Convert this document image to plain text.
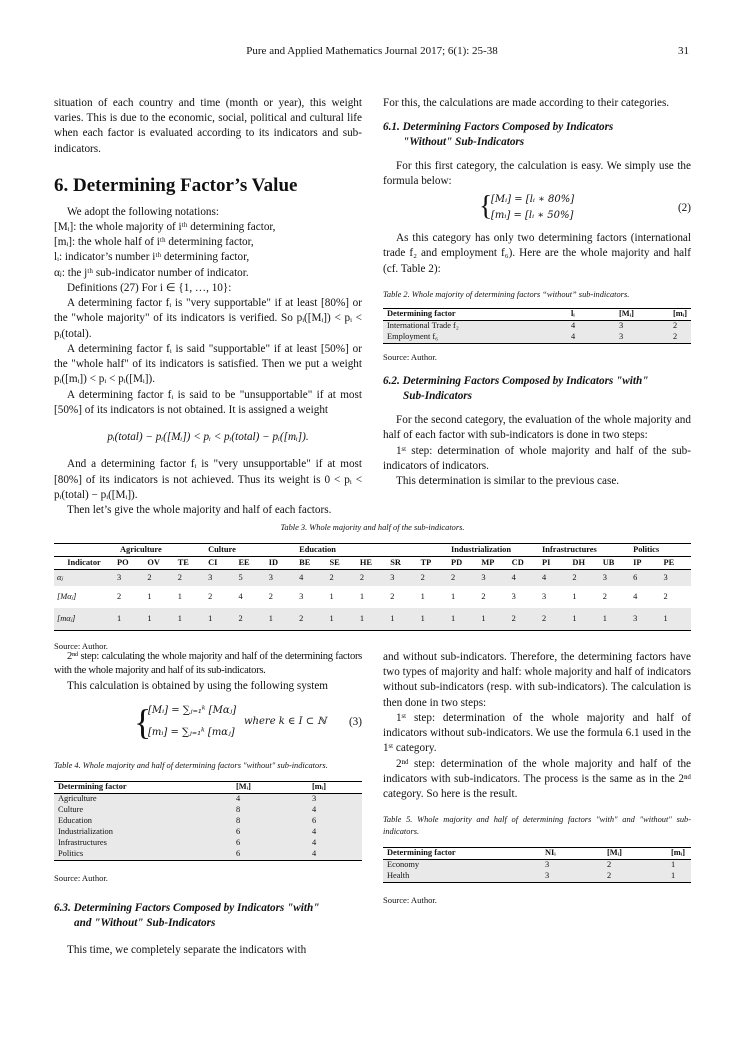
Pure and Applied Mathematics Journal 2017; 6(1): 25-38	31

situation of each country and time (month or year), this weight varies. This is due to the economic, social, political and cultural life when each factor is evaluated according to its indicators and sub-indicators.

6. Determining Factor’s Value

We adopt the following notations:

[Mᵢ]: the whole majority of iᵗʰ determining factor,

[mᵢ]: the whole half of iᵗʰ determining factor,

lᵢ: indicator’s number iᵗʰ determining factor,

αⱼ: the jᵗʰ sub-indicator number of indicator.

Definitions (27) For i ∈ {1, …, 10}:

A determining factor fᵢ is "very supportable" if at least [80%] or the "whole majority" of its indicators is verified. So pᵢ([Mᵢ]) < pᵢ < pᵢ(total).

A determining factor fᵢ is said "supportable" if at least [50%] or the "whole half" of its indicators is satisfied. Then we put a weight pᵢ([mᵢ]) < pᵢ < pᵢ([Mᵢ]).

A determining factor fᵢ is said to be "unsupportable" if at most [50%] of its indicators is not obtained. It is assigned a weight

pᵢ(total) − pᵢ([Mᵢ]) < pᵢ < pᵢ(total) − pᵢ([mᵢ]).

And a determining factor fᵢ is "very unsupportable" if at most [80%] of its indicators is not achieved. Thus its weight is 0 < pᵢ < pᵢ(total) − pᵢ([Mᵢ]).

Then let’s give the whole majority and half of each factors.

For this, the calculations are made according to their categories.

6.1. Determining Factors Composed by Indicators
"Without" Sub-Indicators

For this first category, the calculation is easy. We simply use the formula below:

{
[Mᵢ] = [lᵢ ∗ 80%]
[mᵢ] = [lᵢ ∗ 50%]
(2)

As this category has only two determining factors (international trade f₂ and employment f₆). Here are the whole majority and half (cf. Table 2):

Table 2. Whole majority of determining factors “without” sub-indicators.

Determining factor	lᵢ	[Mᵢ]	[mᵢ]
International Trade f₂	4	3	2
Employment f₆	4	3	2

Source: Author.

6.2. Determining Factors Composed by Indicators "with"
Sub-Indicators

For the second category, the evaluation of the whole majority and half of each factor with sub-indicators is done in two steps:

1ˢᵗ step: determination of whole majority and half of the sub-indicators of indicators.

This determination is similar to the previous case.

Table 3. Whole majority and half of the sub-indicators.

	Agriculture			Culture			Education					Industrialization			Infrastructures			Politics	
Indicator	PO	OV	TE	CI	EE	ID	BE	SE	HE	SR	TP	PD	MP	CD	PI	DH	UB	IP	PE
αⱼ	3	2	2	3	5	3	4	2	2	3	2	2	3	4	4	2	3	6	3
[Mαⱼ]	2	1	1	2	4	2	3	1	1	2	1	1	2	3	3	1	2	4	2
[mαⱼ]	1	1	1	1	2	1	2	1	1	1	1	1	1	2	2	1	1	3	1

Source: Author.

2ⁿᵈ step: calculating the whole majority and half of the determining factors with the whole majority and half of its sub-indicators.

This calculation is obtained by using the following system

{
[Mᵢ] = ∑ⱼ₌₁ᵏ [Mαⱼ]
[mᵢ] = ∑ⱼ₌₁ᵏ [mαⱼ]
where k ∈ I ⊂ ℕ (3)

Table 4. Whole majority and half of determining factors "without" sub-indicators.

Determining factor	[Mᵢ]	[mᵢ]
Agriculture	4	3
Culture	8	4
Education	8	6
Industrialization	6	4
Infrastructures	6	4
Politics	6	4

Source: Author.

6.3. Determining Factors Composed by Indicators "with"
and "Without" Sub-Indicators

This time, we completely separate the indicators with

and without sub-indicators. Therefore, the determining factors have two types of majority and half: whole majority and half of indicators without sub-indicators (resp. with sub-indicators). The calculation is then done in two steps:

1ˢᵗ step: determination of the whole majority and half of indicators without sub-indicators. We use the formula 6.1 used in the 1ˢᵗ category.

2ⁿᵈ step: determination of the whole majority and half of the indicators with sub-indicators. The process is the same as in the 2ⁿᵈ category. So here is the result.

Table 5. Whole majority and half of determining factors "with" and "without" sub-indicators.

Determining factor	NIᵢ	[Mᵢ]	[mᵢ]
Economy	3	2	1
Health	3	2	1

Source: Author.
